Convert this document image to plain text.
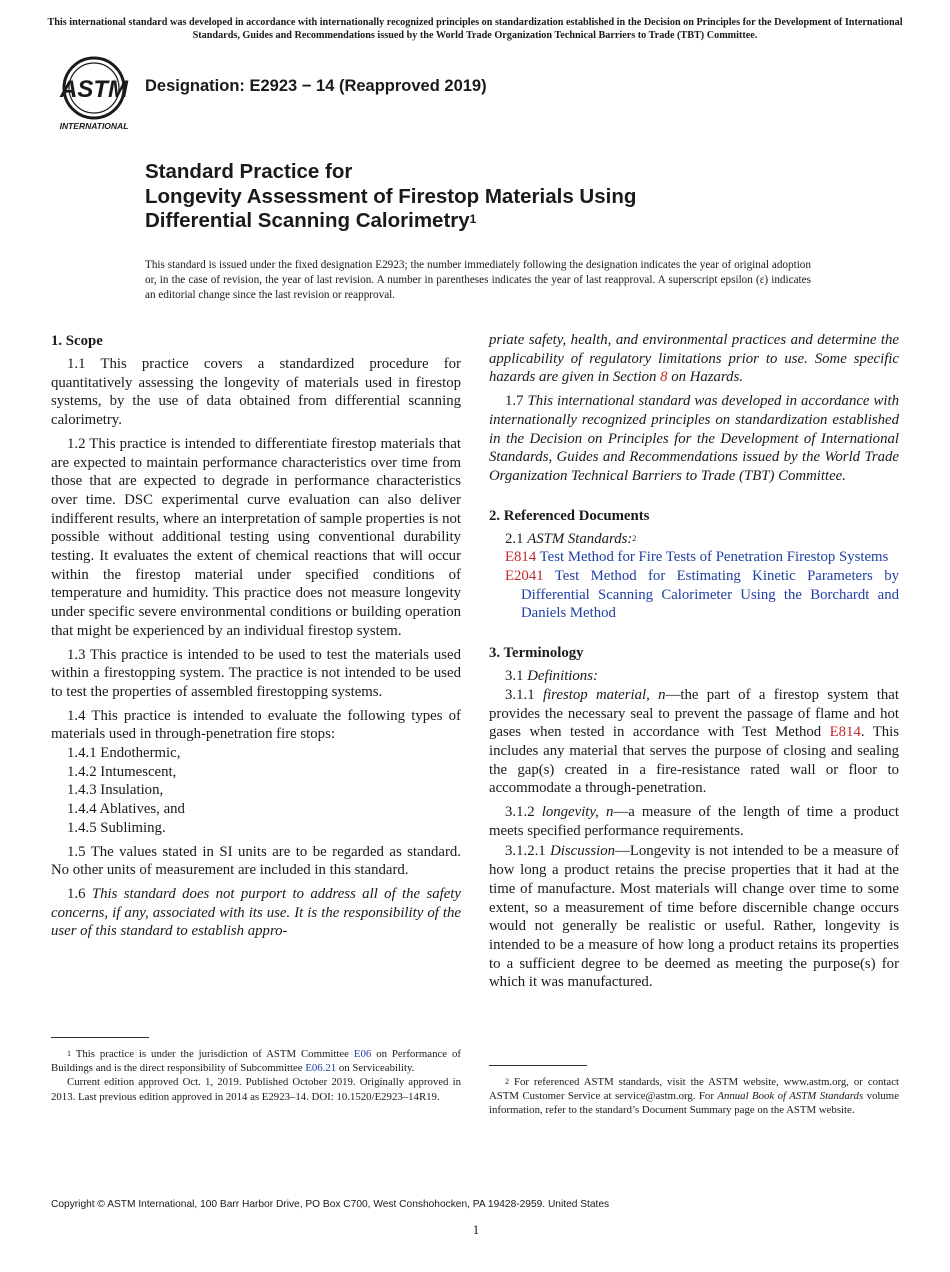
This international standard was developed in accordance with internationally recognized principles on standardization established in the Decision on Principles for the Development of International Standards, Guides and Recommendations issued by the World Trade Organization Technical Barriers to Trade (TBT) Committee.
ASTM
INTERNATIONAL
Designation: E2923 − 14 (Reapproved 2019)
Standard Practice for
Longevity Assessment of Firestop Materials Using
Differential Scanning Calorimetry$^1$
This standard is issued under the fixed designation E2923; the number immediately following the designation indicates the year of original adoption or, in the case of revision, the year of last revision. A number in parentheses indicates the year of last reapproval. A superscript epsilon (ε) indicates an editorial change since the last revision or reapproval.
1. Scope

1.1 This practice covers a standardized procedure for quantitatively assessing the longevity of materials used in firestop systems, by the use of data obtained from differential scanning calorimetry.

1.2 This practice is intended to differentiate firestop materials that are expected to maintain performance characteristics over time from those that are expected to degrade in performance characteristics over time. DSC experimental curve evaluation can also deliver indifferent results, where an interpretation of sample properties is not possible without additional testing using conventional durability testing. It evaluates the extent of chemical reactions that will occur within the firestop material under specified conditions of temperature and humidity. This practice does not measure longevity under specific severe environmental conditions or building operation that might be experienced by an individual firestop system.

1.3 This practice is intended to be used to test the materials used within a firestopping system. The practice is not intended to be used to test the properties of assembled firestopping systems.

1.4 This practice is intended to evaluate the following types of materials used in through-penetration fire stops:

1.4.1 Endothermic,

1.4.2 Intumescent,

1.4.3 Insulation,

1.4.4 Ablatives, and

1.4.5 Subliming.

1.5 The values stated in SI units are to be regarded as standard. No other units of measurement are included in this standard.

1.6 This standard does not purport to address all of the safety concerns, if any, associated with its use. It is the responsibility of the user of this standard to establish appro-

$^1$ This practice is under the jurisdiction of ASTM Committee E06 on Performance of Buildings and is the direct responsibility of Subcommittee E06.21 on Serviceability.

Current edition approved Oct. 1, 2019. Published October 2019. Originally approved in 2013. Last previous edition approved in 2014 as E2923–14. DOI: 10.1520/E2923–14R19.

priate safety, health, and environmental practices and determine the applicability of regulatory limitations prior to use. Some specific hazards are given in Section 8 on Hazards.

1.7 This international standard was developed in accordance with internationally recognized principles on standardization established in the Decision on Principles for the Development of International Standards, Guides and Recommendations issued by the World Trade Organization Technical Barriers to Trade (TBT) Committee.

2. Referenced Documents

2.1 ASTM Standards:$^2$

E814 Test Method for Fire Tests of Penetration Firestop Systems
E2041 Test Method for Estimating Kinetic Parameters by Differential Scanning Calorimeter Using the Borchardt and Daniels Method
3. Terminology

3.1 Definitions:

3.1.1 firestop material, n—the part of a firestop system that provides the necessary seal to prevent the passage of flame and hot gases when tested in accordance with Test Method E814. This includes any material that serves the purpose of closing and sealing the gap(s) created in a fire-resistance rated wall or floor to accommodate a through-penetration.

3.1.2 longevity, n—a measure of the length of time a product meets specified performance requirements.

3.1.2.1 Discussion—Longevity is not intended to be a measure of how long a product retains the precise properties that it had at the time of manufacture. Most materials will change over time to some extent, so a measurement of time before discernible change occurs would not generally be realistic or useful. Rather, longevity is intended to be a measure of how long a product retains its properties to a sufficient degree to be deemed as meeting the purpose(s) for which it was manufactured.

$^2$ For referenced ASTM standards, visit the ASTM website, www.astm.org, or contact ASTM Customer Service at service@astm.org. For Annual Book of ASTM Standards volume information, refer to the standard’s Document Summary page on the ASTM website.

Copyright © ASTM International, 100 Barr Harbor Drive, PO Box C700, West Conshohocken, PA 19428-2959. United States
1
